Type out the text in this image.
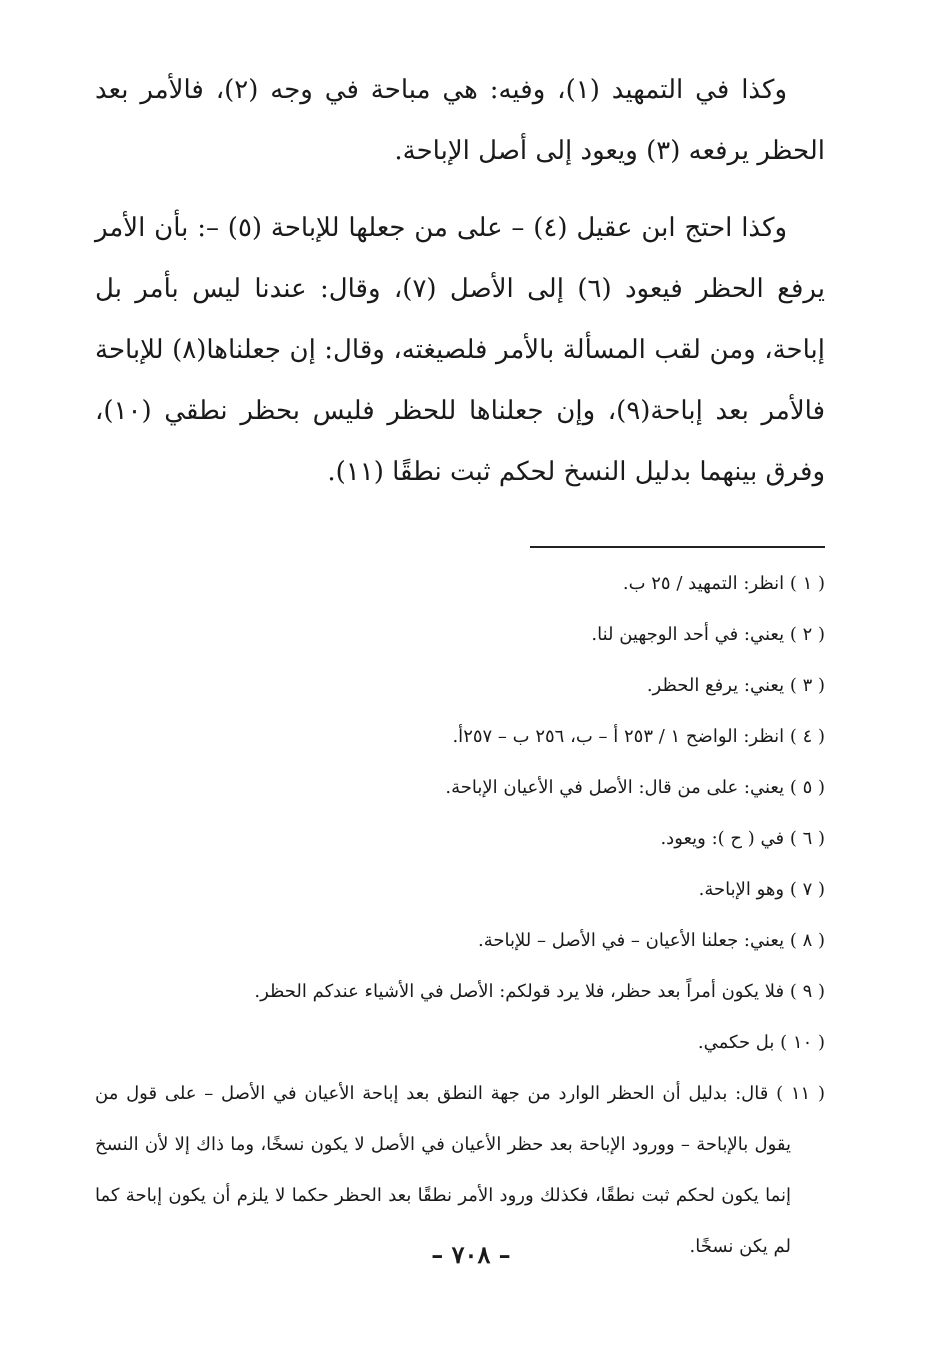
وكذا في التمهيد (١)، وفيه: هي مباحة في وجه (٢)، فالأمر بعد الحظر يرفعه (٣) ويعود إلى أصل الإباحة.

وكذا احتج ابن عقيل (٤) – على من جعلها للإباحة (٥) –: بأن الأمر يرفع الحظر فيعود (٦) إلى الأصل (٧)، وقال: عندنا ليس بأمر بل إباحة، ومن لقب المسألة بالأمر فلصيغته، وقال: إن جعلناها(٨) للإباحة فالأمر بعد إباحة(٩)، وإن جعلناها للحظر فليس بحظر نطقي (١٠)، وفرق بينهما بدليل النسخ لحكم ثبت نطقًا (١١).

( ١ ) انظر: التمهيد / ٢٥ ب.

( ٢ ) يعني: في أحد الوجهين لنا.

( ٣ ) يعني: يرفع الحظر.

( ٤ ) انظر: الواضح ١ / ٢٥٣ أ – ب، ٢٥٦ ب – ٢٥٧أ.

( ٥ ) يعني: على من قال: الأصل في الأعيان الإباحة.

( ٦ ) في ( ح ): ويعود.

( ٧ ) وهو الإباحة.

( ٨ ) يعني: جعلنا الأعيان – في الأصل – للإباحة.

( ٩ ) فلا يكون أمراً بعد حظر، فلا يرد قولكم: الأصل في الأشياء عندكم الحظر.

( ١٠ ) بل حكمي.

( ١١ ) قال: بدليل أن الحظر الوارد من جهة النطق بعد إباحة الأعيان في الأصل – على قول من يقول بالإباحة – وورود الإباحة بعد حظر الأعيان في الأصل لا يكون نسخًا، وما ذاك إلا لأن النسخ إنما يكون لحكم ثبت نطقًا، فكذلك ورود الأمر نطقًا بعد الحظر حكما لا يلزم أن يكون إباحة كما لم يكن نسخًا.

– ٧٠٨ –
